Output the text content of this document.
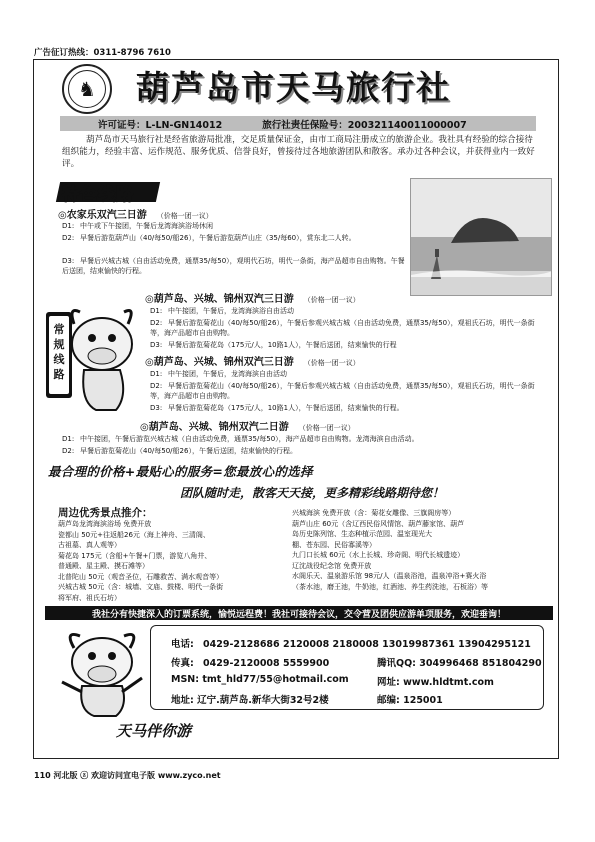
广告征订热线：0311-8796 7610
♞	葫芦岛市天马旅行社
许可证号：L-LN-GN14012	旅行社责任保险号：200321140011000007
葫芦岛市天马旅行社是经省旅游局批准，交足质量保证金，由市工商局注册成立的旅游企业。我社具有经验的综合接待组织能力，经验丰富、运作规范、服务优质、信誉良好，曾接待过各地旅游团队和散客。承办过各种会议，并获得业内一致好评。
特色线路
常规线路
◎农家乐双汽三日游 （价格一团一议）
D1: 中午或下午接团，午餐后龙湾海滨浴场休闲
D2: 早餐后游览葫芦山（40/每50/船26），午餐后游览葫芦山庄（35/每60），赏东北二人转。
D3: 早餐后兴城古城（自由活动免费，通票35/每50），观明代石坊，明代一条街，海产品超市自由购物。午餐后送团，结束愉快的行程。
◎葫芦岛、兴城、锦州双汽三日游 （价格一团一议）
D1: 中午接团，午餐后，龙湾海滨浴自由活动
D2: 早餐后游览菊花山（40/每50/船26），午餐后参观兴城古城（自由活动免费，通票35/每50），观祖氏石坊，明代一条街等，海产品超市自由购物。
D3: 早餐后游览菊花岛（175元/人，10路1人），午餐后送团，结束愉快的行程
◎葫芦岛、兴城、锦州双汽三日游 （价格一团一议）
D1: 中午接团，午餐后，龙湾海滨自由活动
D2: 早餐后游览菊花山（40/每50/船26），午餐后参观兴城古城（自由活动免费，通票35/每50），观祖氏石坊，明代一条街等，海产品超市自由购物。
D3: 早餐后游览菊花岛（175元/人，10路1人），午餐后送团，结束愉快的行程。
◎葫芦岛、兴城、锦州双汽二日游 （价格一团一议）
D1: 中午接团，午餐后游览兴城古城（自由活动免费，通票35/每50），海产品超市自由购物。龙湾海滨自由活动。
D2: 早餐后游览菊花山（40/每50/船26），午餐后送团，结束愉快的行程。
最合理的价格+最贴心的服务=您最放心的选择
团队随时走，散客天天接，更多精彩线路期待您！
周边优秀景点推介：
葫芦岛龙湾海滨浴场 免费开放
瓷都山 50元+往返船26元（海上神舟、三清阁、
古祖墓、真人观等）
菊花岛 175元（含船+午餐+门票，游览八角井、
普通殿、星主殿、摸石滩等）
北普陀山 50元（观音圣位，石雕救苦、满水观音等）
兴城古城 50元（含：城墙、文庙、鼓楼、明代一条街
将军府、祖氏石坊）
兴城海滨 免费开放（含：菊花女雕像、三旗阁房等）
葫芦山庄 60元（含辽西民俗风情馆、葫芦藤家馆、葫芦
岛历史陈列馆、生态种植示范园、温室现光大
棚、苍东园、民俗寡溪等）
九门口长城 60元（水上长城、珍奇阁、明代长城遗迹）
辽沈战役纪念馆 免费开放
水阁乐天、温泉游乐馆 98元/人（温泉浴池，温泉冲浴+赛火浴
（茶水池，磨王池，牛奶池，红酒池、养生药洗池，石板浴）等
我社分有快捷深入的订票系统，愉悦远程费！我社可接待会议，交令营及团供应游单项服务，欢迎垂询！
电话: 0429-2128686 2120008 2180008 13019987361 13904295121
传真: 0429-2120008 5559900	腾讯QQ: 304996468 851804290
MSN: tmt_hld77/55@hotmail.com	网址: www.hldtmt.com
地址: 辽宁.葫芦岛.新华大街32号2楼	邮编: 125001
天马伴你游
110 河北版 ⓩ 欢迎访问宣电子版 www.zyco.net
